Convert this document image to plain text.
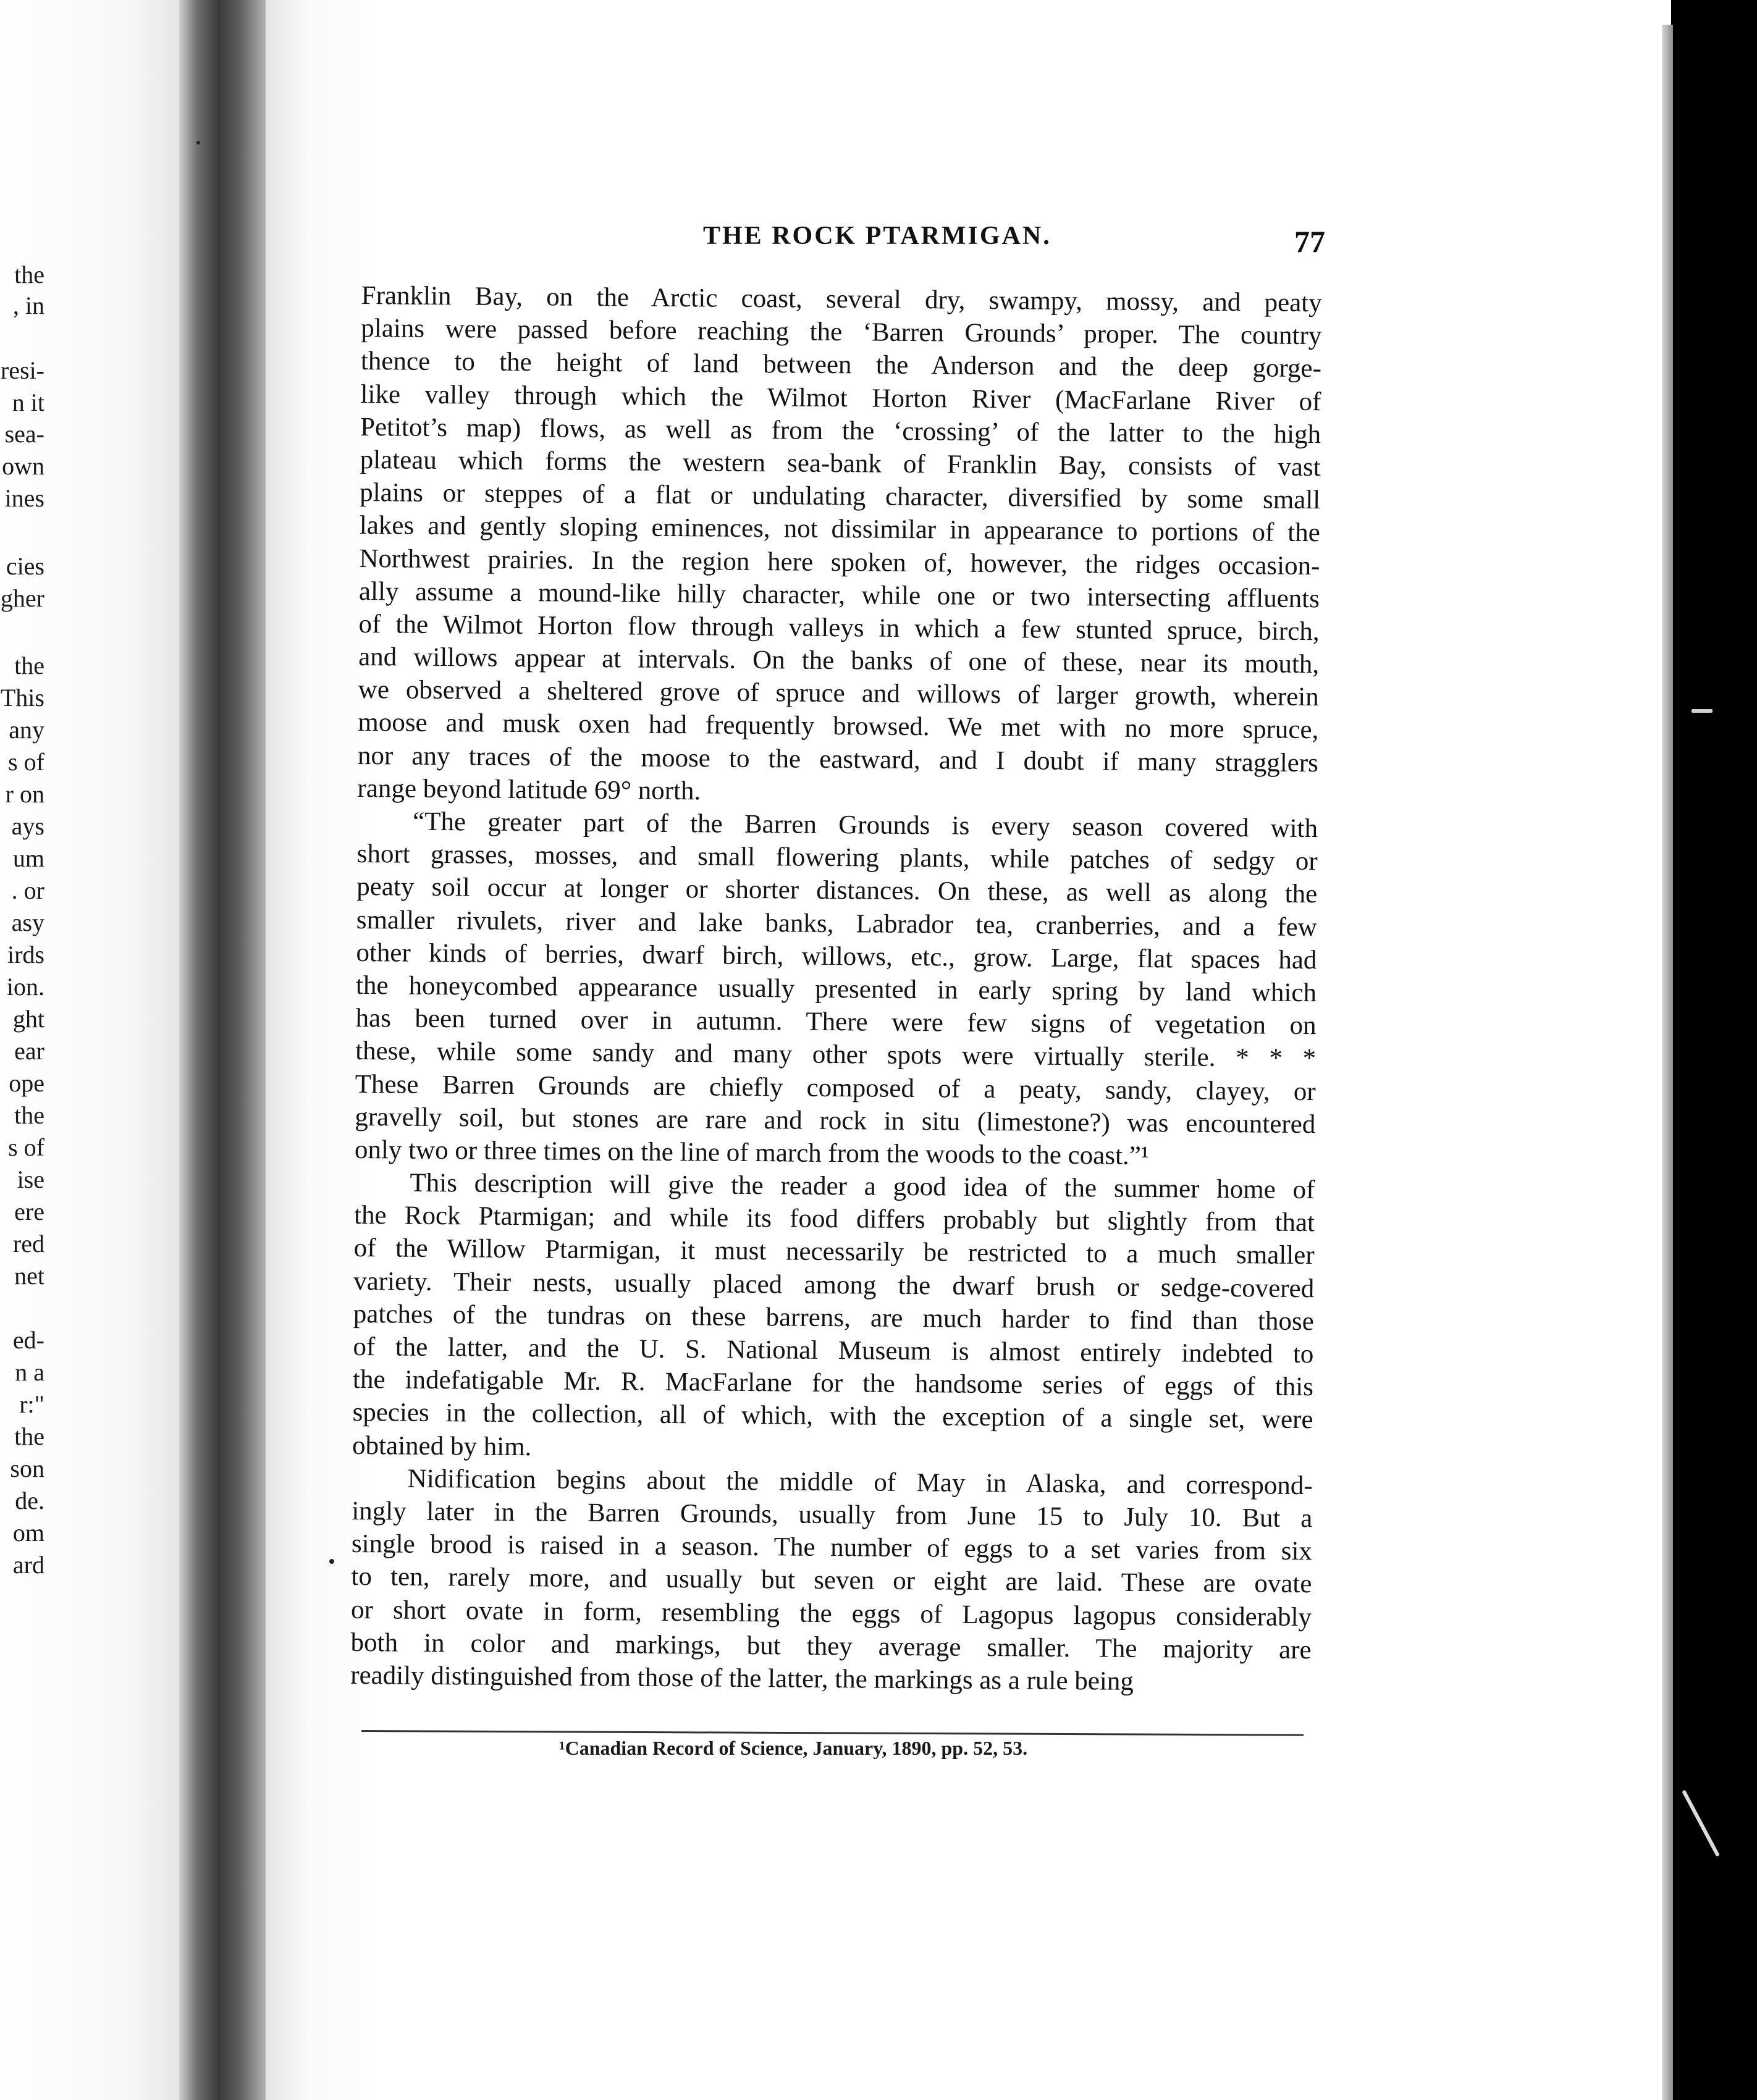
the
, in
resi-
n it
sea-
own
ines
cies
gher
the
This
any
s of
r on
ays
um
. or
asy
irds
ion.
ght
ear
ope
the
s of
ise
ere
red
net
ed-
n a
r:"
the
son
de.
om
ard
THE ROCK PTARMIGAN.	77
Franklin Bay, on the Arctic coast, several dry, swampy, mossy, and peaty
plains were passed before reaching the ‘Barren Grounds’ proper. The country
thence to the height of land between the Anderson and the deep gorge-
like valley through which the Wilmot Horton River (MacFarlane River of
Petitot’s map) flows, as well as from the ‘crossing’ of the latter to the high
plateau which forms the western sea-bank of Franklin Bay, consists of vast
plains or steppes of a flat or undulating character, diversified by some small
lakes and gently sloping eminences, not dissimilar in appearance to portions of the
Northwest prairies. In the region here spoken of, however, the ridges occasion-
ally assume a mound-like hilly character, while one or two intersecting affluents
of the Wilmot Horton flow through valleys in which a few stunted spruce, birch,
and willows appear at intervals. On the banks of one of these, near its mouth,
we observed a sheltered grove of spruce and willows of larger growth, wherein
moose and musk oxen had frequently browsed. We met with no more spruce,
nor any traces of the moose to the eastward, and I doubt if many stragglers
range beyond latitude 69° north.
“The greater part of the Barren Grounds is every season covered with
short grasses, mosses, and small flowering plants, while patches of sedgy or
peaty soil occur at longer or shorter distances. On these, as well as along the
smaller rivulets, river and lake banks, Labrador tea, cranberries, and a few
other kinds of berries, dwarf birch, willows, etc., grow. Large, flat spaces had
the honeycombed appearance usually presented in early spring by land which
has been turned over in autumn. There were few signs of vegetation on
these, while some sandy and many other spots were virtually sterile. * * *
These Barren Grounds are chiefly composed of a peaty, sandy, clayey, or
gravelly soil, but stones are rare and rock in situ (limestone?) was encountered
only two or three times on the line of march from the woods to the coast.”¹
This description will give the reader a good idea of the summer home of
the Rock Ptarmigan; and while its food differs probably but slightly from that
of the Willow Ptarmigan, it must necessarily be restricted to a much smaller
variety. Their nests, usually placed among the dwarf brush or sedge-covered
patches of the tundras on these barrens, are much harder to find than those
of the latter, and the U. S. National Museum is almost entirely indebted to
the indefatigable Mr. R. MacFarlane for the handsome series of eggs of this
species in the collection, all of which, with the exception of a single set, were
obtained by him.
Nidification begins about the middle of May in Alaska, and correspond-
ingly later in the Barren Grounds, usually from June 15 to July 10. But a
single brood is raised in a season. The number of eggs to a set varies from six
to ten, rarely more, and usually but seven or eight are laid. These are ovate
or short ovate in form, resembling the eggs of Lagopus lagopus considerably
both in color and markings, but they average smaller. The majority are
readily distinguished from those of the latter, the markings as a rule being
¹Canadian Record of Science, January, 1890, pp. 52, 53.
